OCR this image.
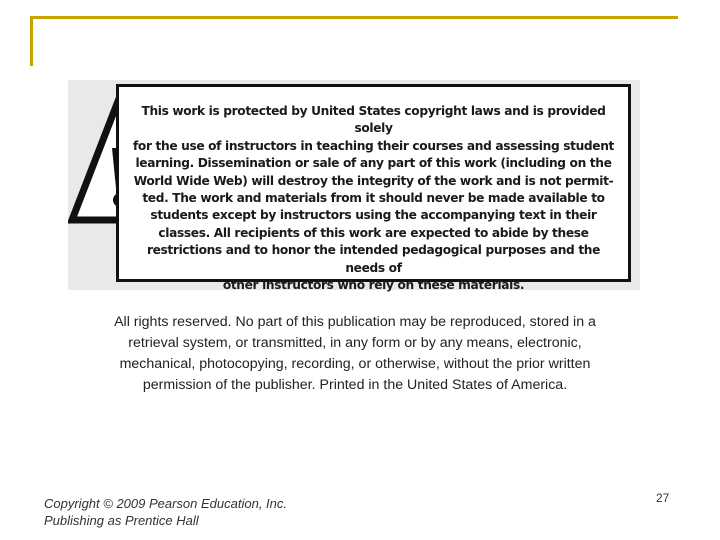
This work is protected by United States copyright laws and is provided solely
for the use of instructors in teaching their courses and assessing student
learning. Dissemination or sale of any part of this work (including on the
World Wide Web) will destroy the integrity of the work and is not permit-
ted. The work and materials from it should never be made available to
students except by instructors using the accompanying text in their
classes. All recipients of this work are expected to abide by these
restrictions and to honor the intended pedagogical purposes and the needs of
other instructors who rely on these materials.

All rights reserved. No part of this publication may be reproduced, stored in a
retrieval system, or transmitted, in any form or by any means, electronic,
mechanical, photocopying, recording, or otherwise, without the prior written
permission of the publisher. Printed in the United States of America.

Copyright © 2009 Pearson Education, Inc.
Publishing as Prentice Hall
27
